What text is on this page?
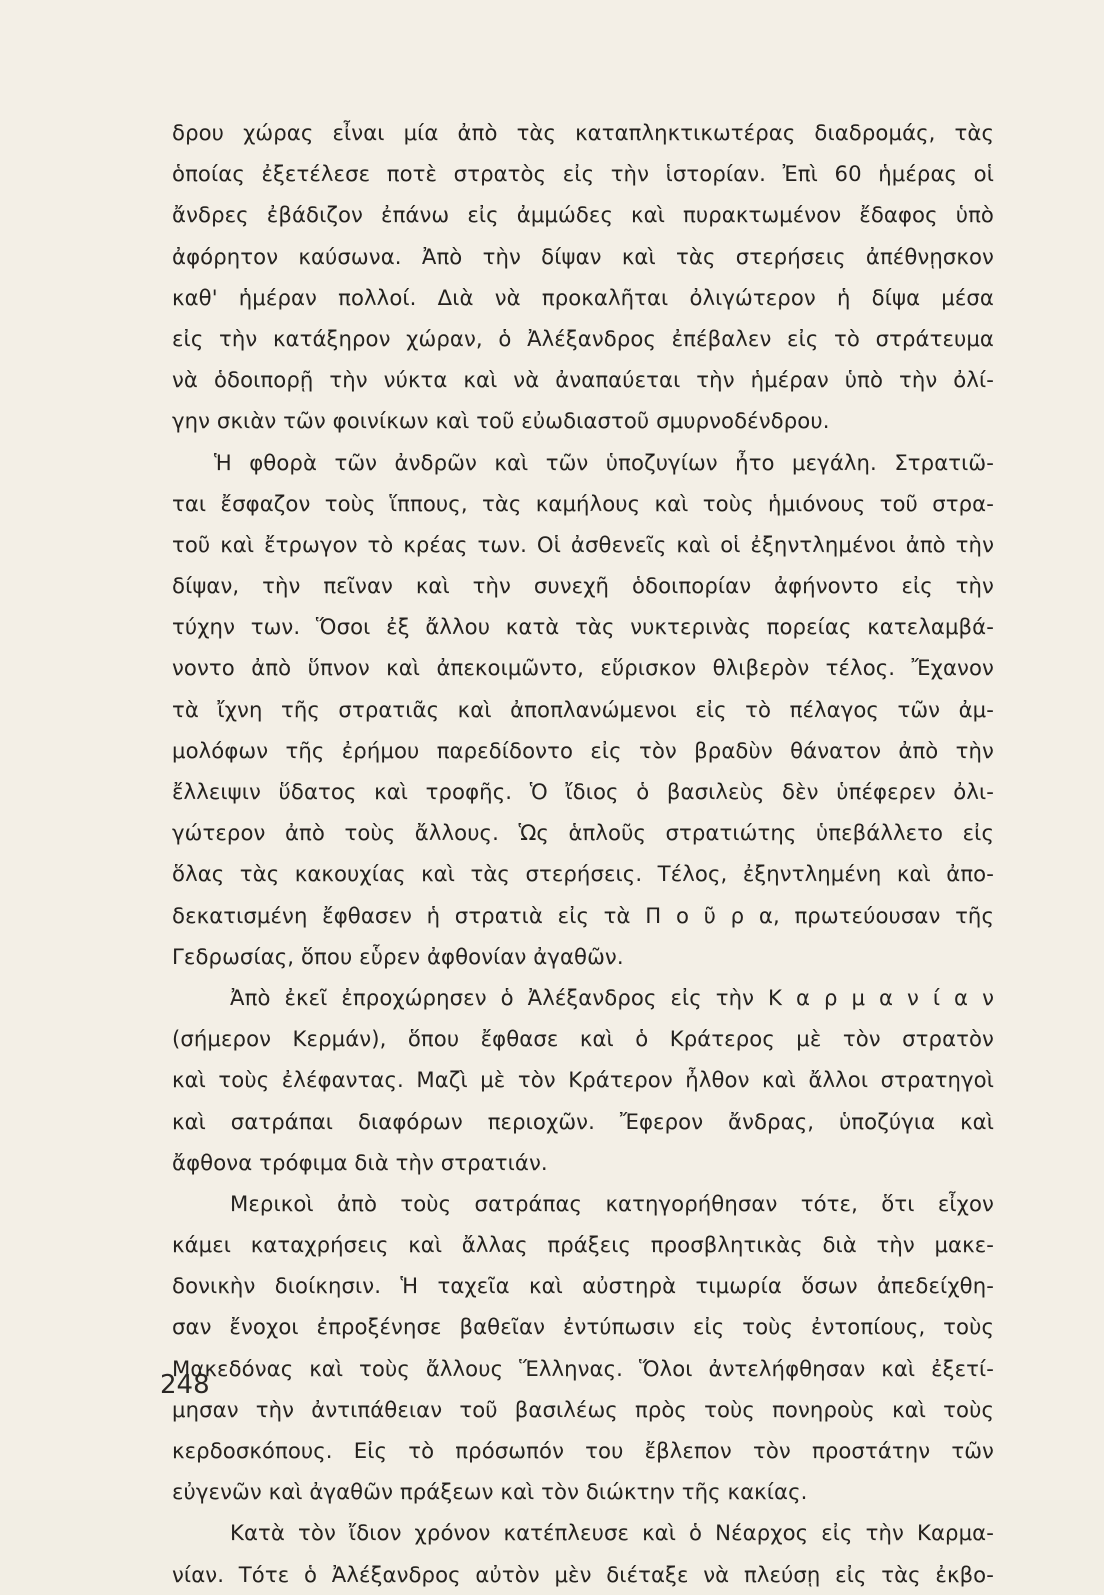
δρου χώρας εἶναι μία ἀπὸ τὰς καταπληκτικωτέρας διαδρομάς, τὰς
ὁποίας ἐξετέλεσε ποτὲ στρατὸς εἰς τὴν ἱστορίαν. Ἐπὶ 60 ἡμέρας οἱ
ἄνδρες ἐβάδιζον ἐπάνω εἰς ἀμμώδες καὶ πυρακτωμένον ἔδαφος ὑπὸ
ἀφόρητον καύσωνα. Ἀπὸ τὴν δίψαν καὶ τὰς στερήσεις ἀπέθνῃσκον
καθ' ἡμέραν πολλοί. Διὰ νὰ προκαλῆται ὀλιγώτερον ἡ δίψα μέσα
εἰς τὴν κατάξηρον χώραν, ὁ Ἀλέξανδρος ἐπέβαλεν εἰς τὸ στράτευμα
νὰ ὁδοιπορῇ τὴν νύκτα καὶ νὰ ἀναπαύεται τὴν ἡμέραν ὑπὸ τὴν ὀλί-
γην σκιὰν τῶν φοινίκων καὶ τοῦ εὐωδιαστοῦ σμυρνοδένδρου.
Ἡ φθορὰ τῶν ἀνδρῶν καὶ τῶν ὑποζυγίων ἦτο μεγάλη. Στρατιῶ-
ται ἔσφαζον τοὺς ἵππους, τὰς καμήλους καὶ τοὺς ἡμιόνους τοῦ στρα-
τοῦ καὶ ἔτρωγον τὸ κρέας των. Οἱ ἀσθενεῖς καὶ οἱ ἐξηντλημένοι ἀπὸ τὴν
δίψαν, τὴν πεῖναν καὶ τὴν συνεχῆ ὁδοιπορίαν ἀφήνοντο εἰς τὴν
τύχην των. Ὅσοι ἐξ ἄλλου κατὰ τὰς νυκτερινὰς πορείας κατελαμβά-
νοντο ἀπὸ ὕπνον καὶ ἀπεκοιμῶντο, εὕρισκον θλιβερὸν τέλος. Ἔχανον
τὰ ἴχνη τῆς στρατιᾶς καὶ ἀποπλανώμενοι εἰς τὸ πέλαγος τῶν ἀμ-
μολόφων τῆς ἐρήμου παρεδίδοντο εἰς τὸν βραδὺν θάνατον ἀπὸ τὴν
ἔλλειψιν ὕδατος καὶ τροφῆς. Ὁ ἴδιος ὁ βασιλεὺς δὲν ὑπέφερεν ὀλι-
γώτερον ἀπὸ τοὺς ἄλλους. Ὡς ἁπλοῦς στρατιώτης ὑπεβάλλετο εἰς
ὅλας τὰς κακουχίας καὶ τὰς στερήσεις. Τέλος, ἐξηντλημένη καὶ ἀπο-
δεκατισμένη ἔφθασεν ἡ στρατιὰ εἰς τὰ Π ο ῦ ρ α, πρωτεύουσαν τῆς
Γεδρωσίας, ὅπου εὗρεν ἀφθονίαν ἀγαθῶν.
Ἀπὸ ἐκεῖ ἐπροχώρησεν ὁ Ἀλέξανδρος εἰς τὴν Κ α ρ μ α ν ί α ν
(σήμερον Κερμάν), ὅπου ἔφθασε καὶ ὁ Κράτερος μὲ τὸν στρατὸν
καὶ τοὺς ἐλέφαντας. Μαζὶ μὲ τὸν Κράτερον ἦλθον καὶ ἄλλοι στρατηγοὶ
καὶ σατράπαι διαφόρων περιοχῶν. Ἔφερον ἄνδρας, ὑποζύγια καὶ
ἄφθονα τρόφιμα διὰ τὴν στρατιάν.
Μερικοὶ ἀπὸ τοὺς σατράπας κατηγορήθησαν τότε, ὅτι εἶχον
κάμει καταχρήσεις καὶ ἄλλας πράξεις προσβλητικὰς διὰ τὴν μακε-
δονικὴν διοίκησιν. Ἡ ταχεῖα καὶ αὐστηρὰ τιμωρία ὅσων ἀπεδείχθη-
σαν ἔνοχοι ἐπροξένησε βαθεῖαν ἐντύπωσιν εἰς τοὺς ἐντοπίους, τοὺς
Μακεδόνας καὶ τοὺς ἄλλους Ἕλληνας. Ὅλοι ἀντελήφθησαν καὶ ἐξετί-
μησαν τὴν ἀντιπάθειαν τοῦ βασιλέως πρὸς τοὺς πονηροὺς καὶ τοὺς
κερδοσκόπους. Εἰς τὸ πρόσωπόν του ἔβλεπον τὸν προστάτην τῶν
εὐγενῶν καὶ ἀγαθῶν πράξεων καὶ τὸν διώκτην τῆς κακίας.
Κατὰ τὸν ἴδιον χρόνον κατέπλευσε καὶ ὁ Νέαρχος εἰς τὴν Καρμα-
νίαν. Τότε ὁ Ἀλέξανδρος αὐτὸν μὲν διέταξε νὰ πλεύσῃ εἰς τὰς ἐκβο-
248
